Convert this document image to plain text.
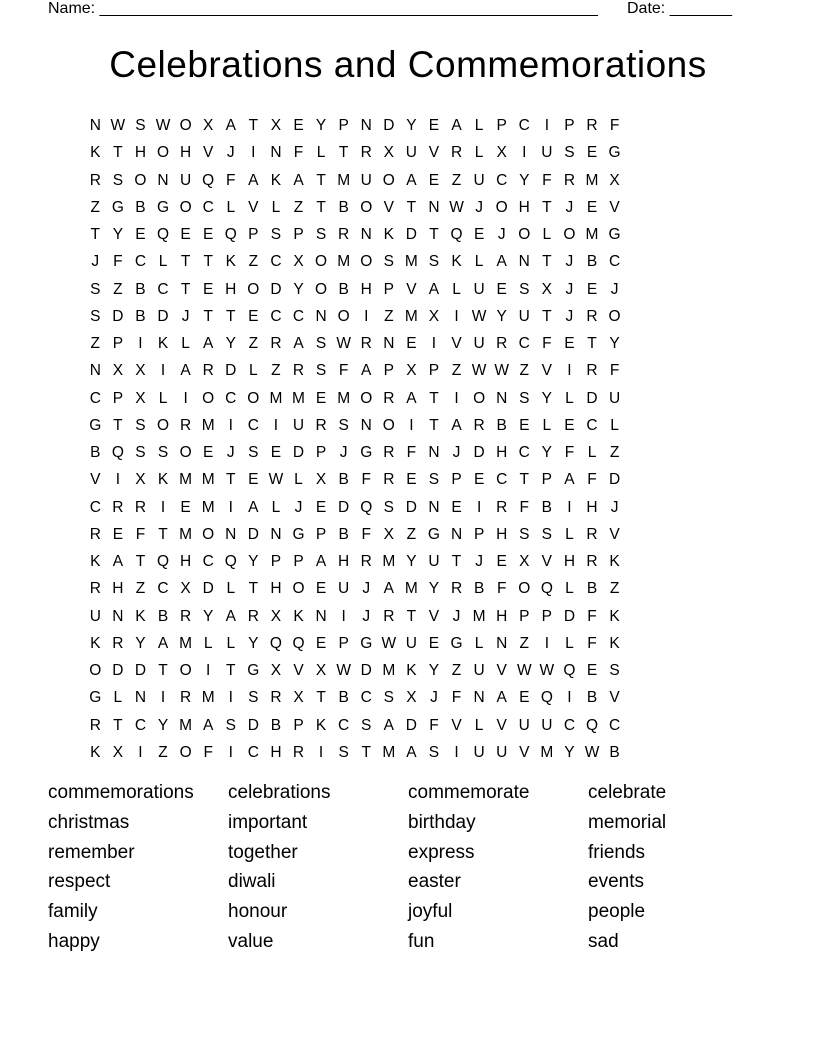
Name: ________________________________________________________

Date: _______

Celebrations and Commemorations
N W S W O X A T X E Y P N D Y E A L P C I P R F
K T H O H V J	I N F L T R X U V R L X I U S E G
R S O N U Q F A K A T M U O A E Z U C Y F R M X
Z G B G O C L V L Z T B O V T N W J O H T J E V
T Y E Q E E Q P S P S R N K D T Q E J O L O M G
J F C L T T K Z C X O M O S M S K L A N T J B C
S Z B C T E H O D Y O B H P V A L U E S X J E J
S D B D J T T E C C N O I	Z M X I W Y U T J R O
Z P I K L A Y Z R A S W R N E I V U R C F E T Y
N X X I A R D L Z R S F A P X P Z W W Z V I R F
C P X L	I O C O M M E M O R A T	I O N S Y L D U
G T S O R M I C I U R S N O I	T A R B E L E C L
B Q S S O E J S E D P J G R F N J D H C Y F L Z
V I X K M M T E W L X B F R E S P E C T P A F D
C R R I E M I A L J E D Q S D N E I R F B I H J
R E F T M O N D N G P B F X Z G N P H S S L R V
K A T Q H C Q Y P P A H R M Y U T J E X V H R K
R H Z C X D L T H O E U J A M Y R B F O Q L B Z
U N K B R Y A R X K N I	J R T V J M H P P D F K
K R Y A M L L Y Q Q E P G W U E G L N Z	I	L F K
O D D T O I	T G X V X W D M K Y Z U V W W Q E S
G L N I R M I S R X T B C S X J F N A E Q I B V
R T C Y M A S D B P K C S A D F V L V U U C Q C
K X I	Z O F	I C H R I S T M A S I U U V M Y W B
commemorations	celebrations	commemorate	celebrate
christmas	important	birthday	memorial
remember	together	express	friends
respect	diwali	easter	events
family	honour	joyful	people
happy	value	fun	sad
